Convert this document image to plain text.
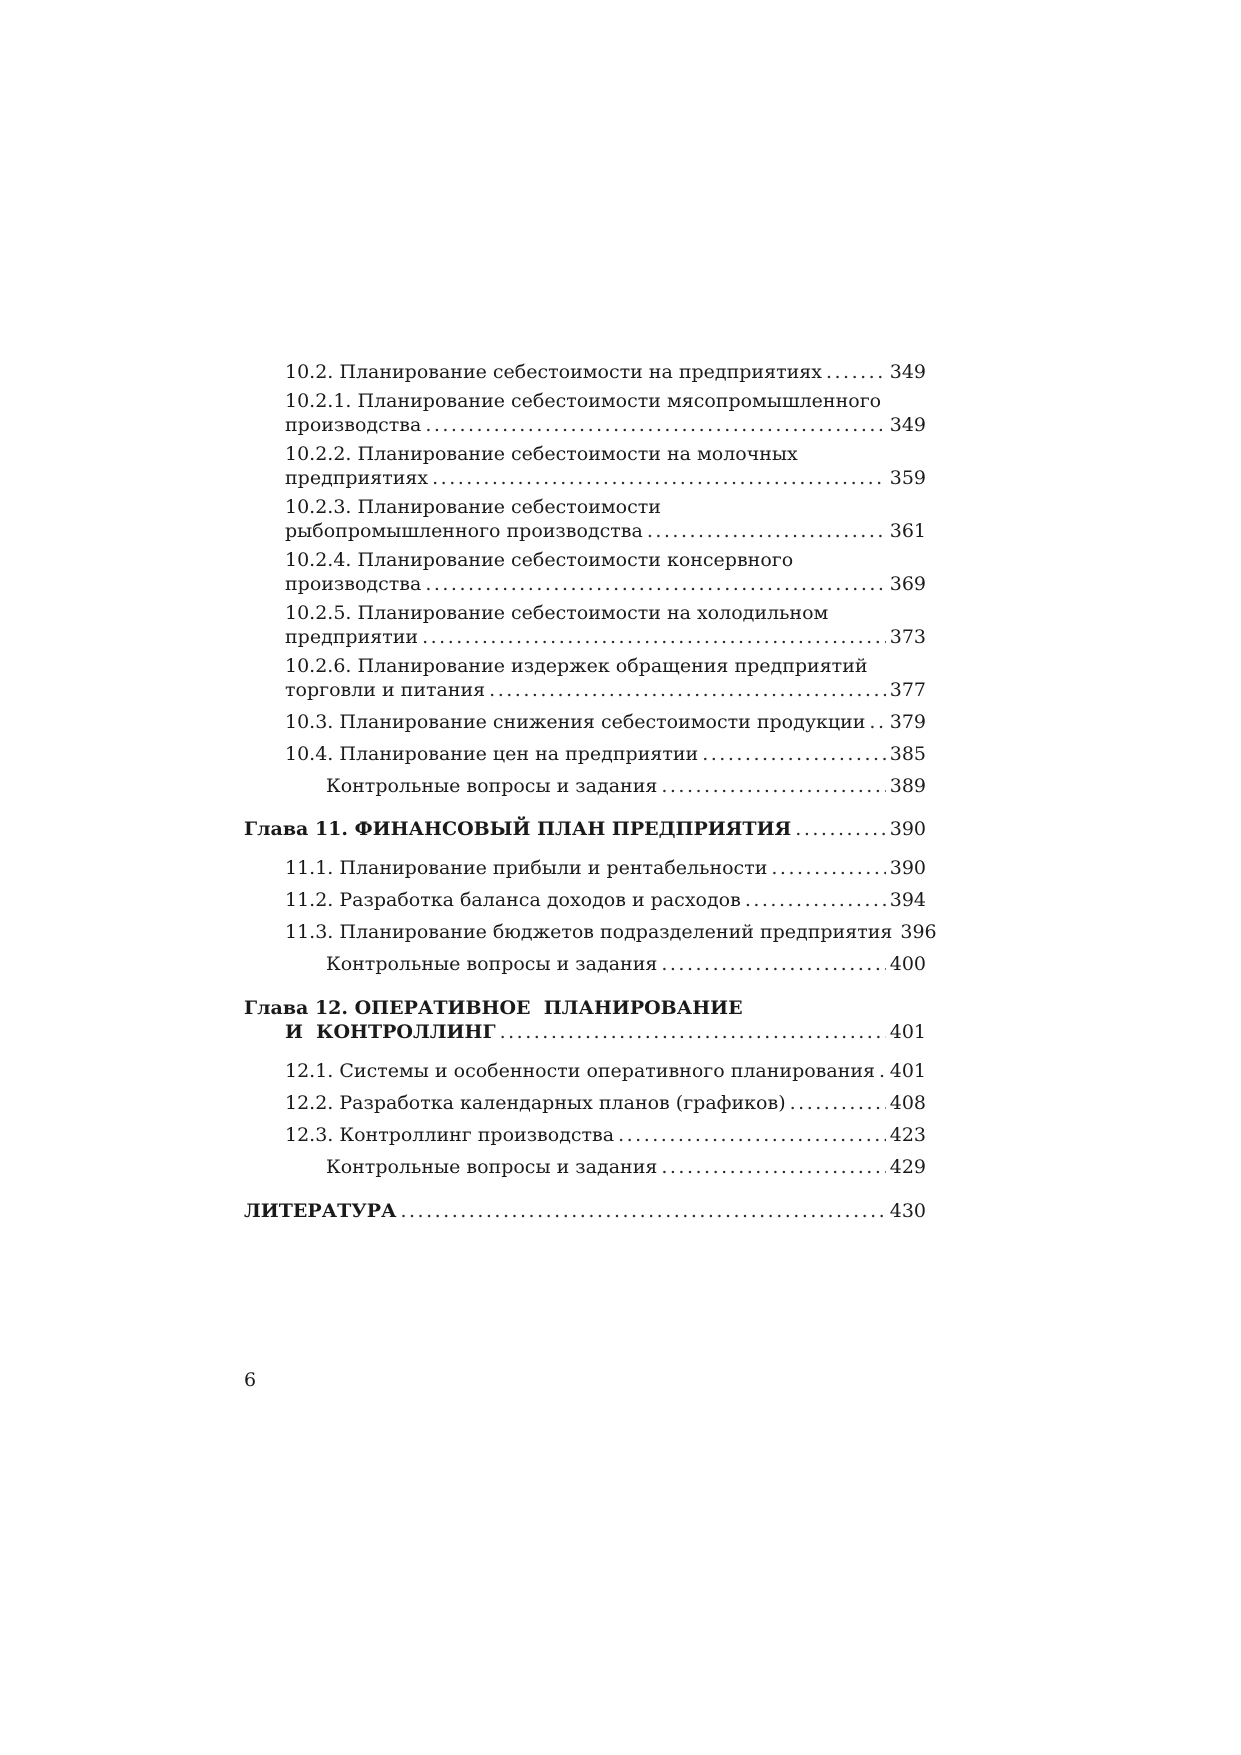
10.2. Планирование себестоимости на предприятиях .....	349
10.2.1. Планирование себестоимости мясопромышленного
производства .....	349
10.2.2. Планирование себестоимости на молочных
предприятиях .....	359
10.2.3. Планирование себестоимости
рыбопромышленного производства .....	361
10.2.4. Планирование себестоимости консервного
производства .....	369
10.2.5. Планирование себестоимости на холодильном
предприятии .....	373
10.2.6. Планирование издержек обращения предприятий
торговли и питания .....	377
10.3. Планирование снижения себестоимости продукции ..... 379
10.4. Планирование цен на предприятии .....	385
Контрольные вопросы и задания .....	389
Глава 11. ФИНАНСОВЫЙ ПЛАН ПРЕДПРИЯТИЯ .....	390
11.1. Планирование прибыли и рентабельности .....	390
11.2. Разработка баланса доходов и расходов .....	394
11.3. Планирование бюджетов подразделений предприятия 396
Контрольные вопросы и задания .....	400
Глава 12. ОПЕРАТИВНОЕ  ПЛАНИРОВАНИЕ
И  КОНТРОЛЛИНГ .....	401
12.1. Системы и особенности оперативного планирования ..... 401
12.2. Разработка календарных планов (графиков) .....	408
12.3. Контроллинг производства .....	423
Контрольные вопросы и задания .....	429
ЛИТЕРАТУРА .....	430
6
